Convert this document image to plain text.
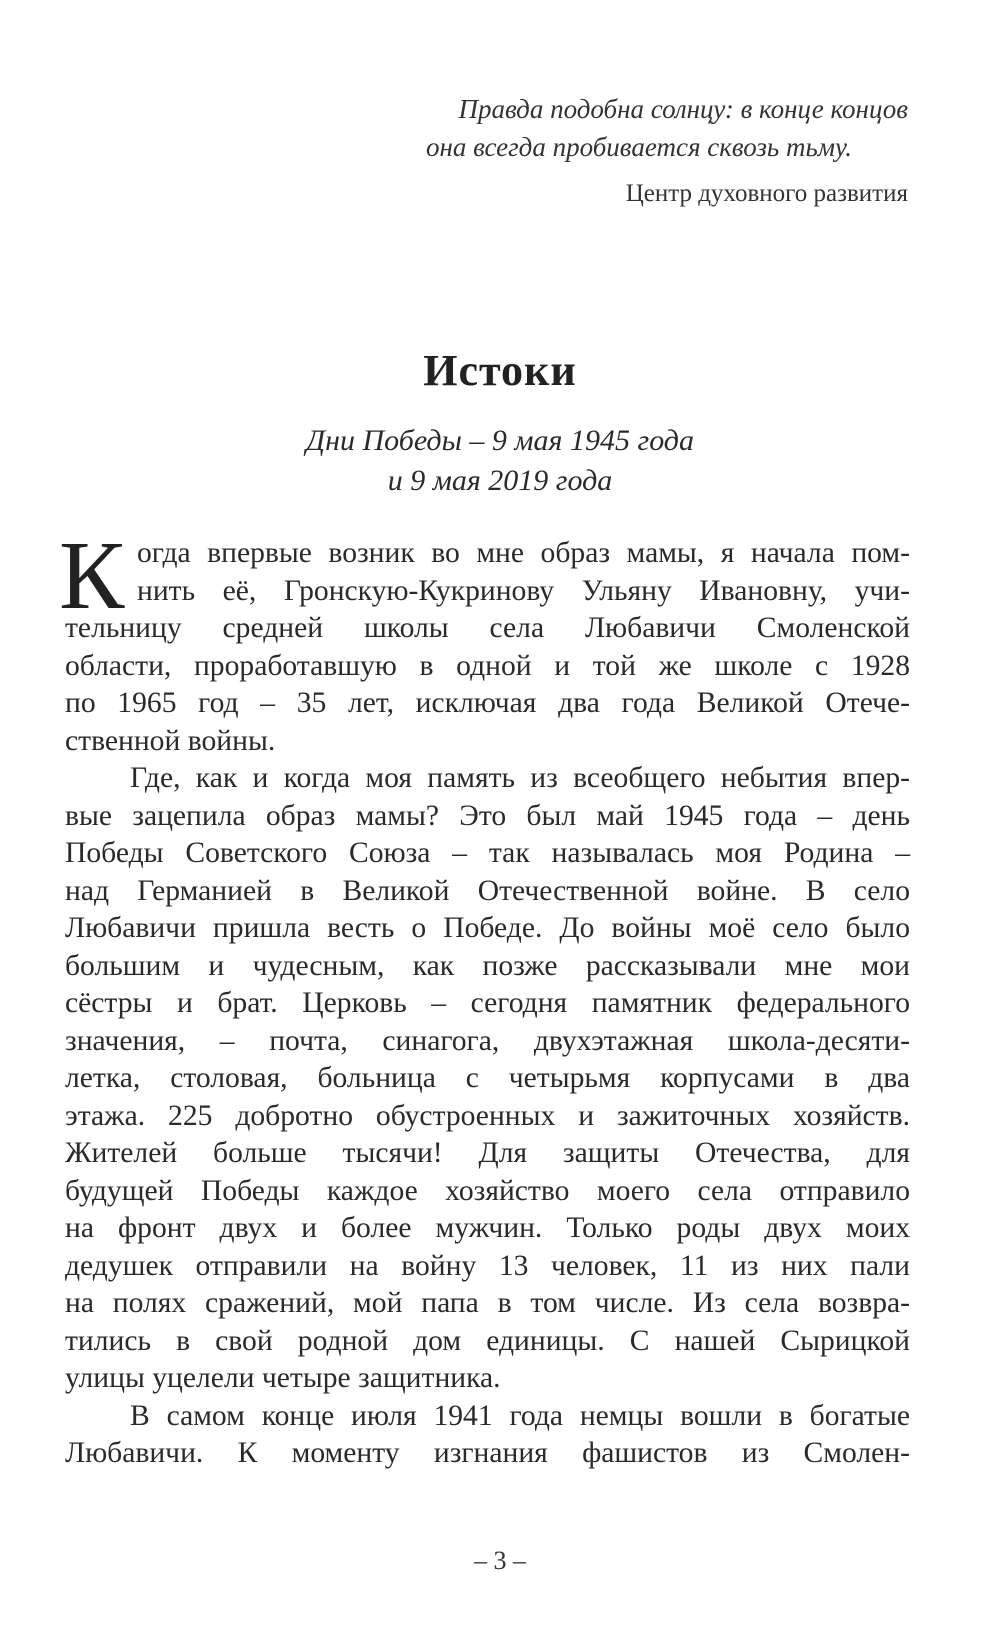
Правда подобна солнцу: в конце концов
она всегда пробивается сквозь тьму.
Центр духовного развития
Истоки
Дни Победы – 9 мая 1945 года
и 9 мая 2019 года
К огда впервые возник во мне образ мамы, я начала пом-
нить её, Гронскую-Кукринову Ульяну Ивановну, учи-
тельницу средней школы села Любавичи Смоленской
области, проработавшую в одной и той же школе с 1928
по 1965 год – 35 лет, исключая два года Великой Отече-
ственной войны.
Где, как и когда моя память из всеобщего небытия впер-
вые зацепила образ мамы? Это был май 1945 года – день
Победы Советского Союза – так называлась моя Родина –
над Германией в Великой Отечественной войне. В село
Любавичи пришла весть о Победе. До войны моё село было
большим и чудесным, как позже рассказывали мне мои
сёстры и брат. Церковь – сегодня памятник федерального
значения, – почта, синагога, двухэтажная школа-десяти-
летка, столовая, больница с четырьмя корпусами в два
этажа. 225 добротно обустроенных и зажиточных хозяйств.
Жителей больше тысячи! Для защиты Отечества, для
будущей Победы каждое хозяйство моего села отправило
на фронт двух и более мужчин. Только роды двух моих
дедушек отправили на войну 13 человек, 11 из них пали
на полях сражений, мой папа в том числе. Из села возвра-
тились в свой родной дом единицы. С нашей Сырицкой
улицы уцелели четыре защитника.
В самом конце июля 1941 года немцы вошли в богатые
Любавичи. К моменту изгнания фашистов из Смолен-
– 3 –
